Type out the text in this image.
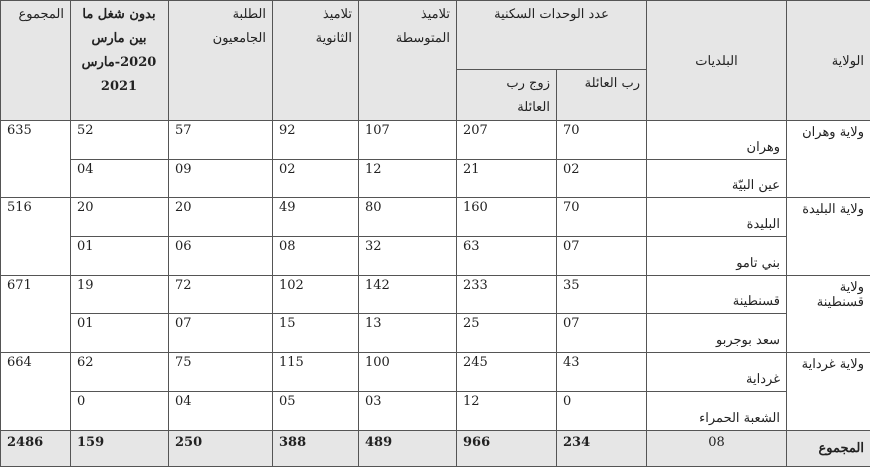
الولاية	البلديات	عدد الوحدات السكنية		تلاميذ المتوسطة	تلاميذ الثانوية	الطلبة الجامعيون	بدون شغل ما بين مارس 2020-مارس 2021	المجموع
		رب العائلة	زوج رب العائلة					

ولاية وهران	وهران	70	207	107	92	57	52	635
	عين البيّة	02	21	12	02	09	04	
ولاية البليدة	البليدة	70	160	80	49	20	20	516
	بني تامو	07	63	32	08	06	01	
ولاية قسنطينة	قسنطينة	35	233	142	102	72	19	671
	سعد بوجربو	07	25	13	15	07	01	
ولاية غرداية	غرداية	43	245	100	115	75	62	664
	الشعبة الحمراء	0	12	03	05	04	0	
المجموع	08	234	966	489	388	250	159	2486
